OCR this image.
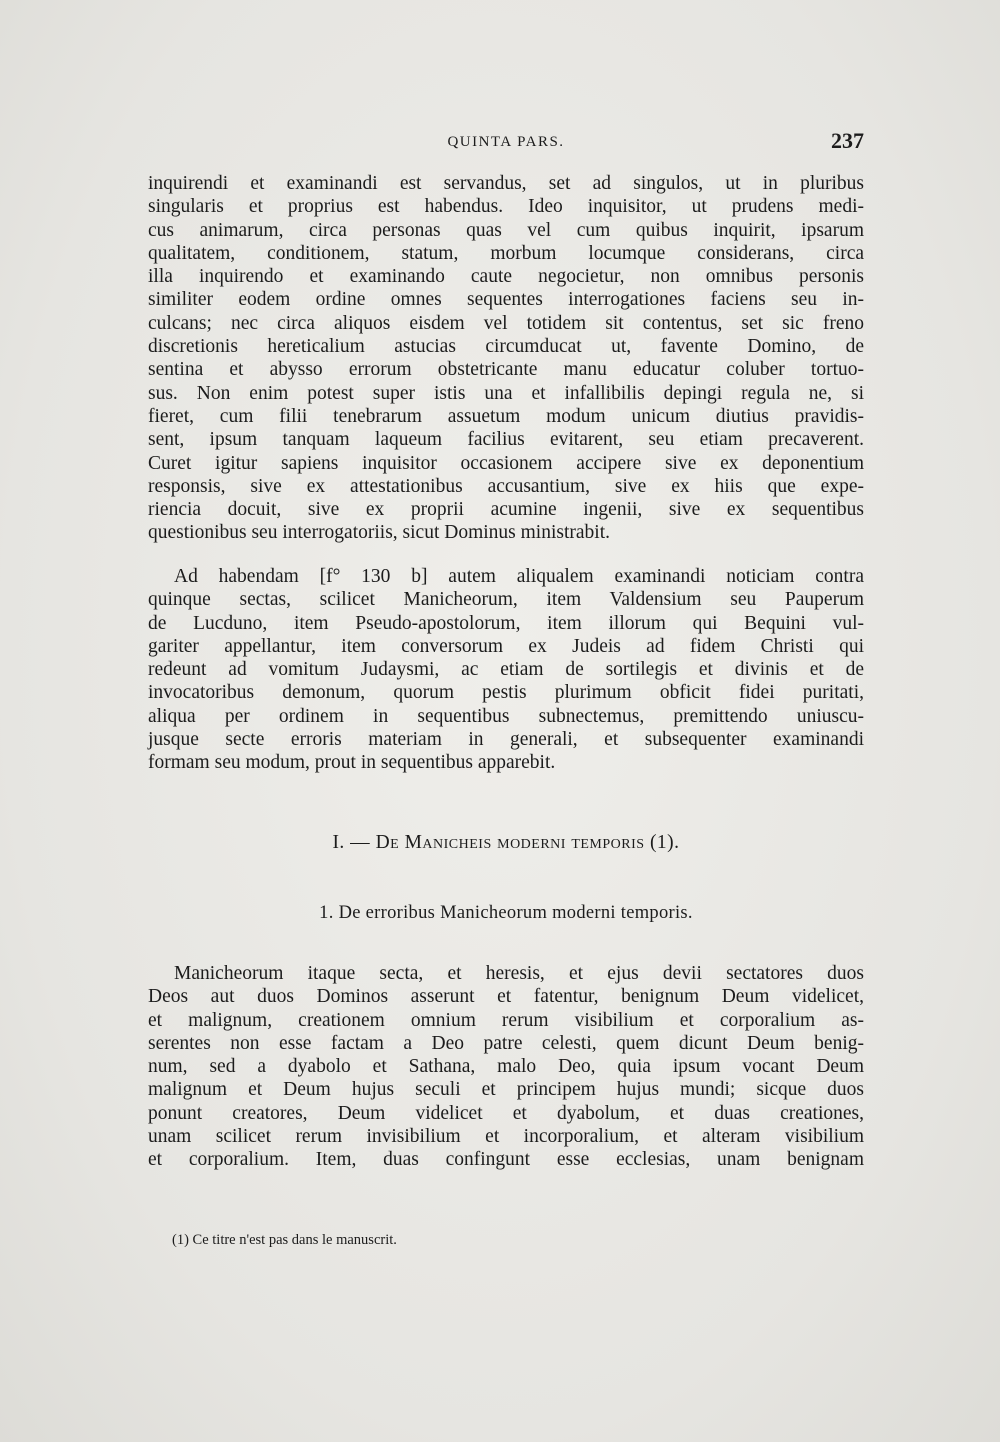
QUINTA PARS.	237
inquirendi et examinandi est servandus, set ad singulos, ut in pluribus
singularis et proprius est habendus. Ideo inquisitor, ut prudens medi-
cus animarum, circa personas quas vel cum quibus inquirit, ipsarum
qualitatem, conditionem, statum, morbum locumque considerans, circa
illa inquirendo et examinando caute negocietur, non omnibus personis
similiter eodem ordine omnes sequentes interrogationes faciens seu in-
culcans; nec circa aliquos eisdem vel totidem sit contentus, set sic freno
discretionis hereticalium astucias circumducat ut, favente Domino, de
sentina et abysso errorum obstetricante manu educatur coluber tortuo-
sus. Non enim potest super istis una et infallibilis depingi regula ne, si
fieret, cum filii tenebrarum assuetum modum unicum diutius pravidis-
sent, ipsum tanquam laqueum facilius evitarent, seu etiam precaverent.
Curet igitur sapiens inquisitor occasionem accipere sive ex deponentium
responsis, sive ex attestationibus accusantium, sive ex hiis que expe-
riencia docuit, sive ex proprii acumine ingenii, sive ex sequentibus
questionibus seu interrogatoriis, sicut Dominus ministrabit.
Ad habendam [f° 130 b] autem aliqualem examinandi noticiam contra
quinque sectas, scilicet Manicheorum, item Valdensium seu Pauperum
de Lucduno, item Pseudo-apostolorum, item illorum qui Bequini vul-
gariter appellantur, item conversorum ex Judeis ad fidem Christi qui
redeunt ad vomitum Judaysmi, ac etiam de sortilegis et divinis et de
invocatoribus demonum, quorum pestis plurimum obficit fidei puritati,
aliqua per ordinem in sequentibus subnectemus, premittendo uniuscu-
jusque secte erroris materiam in generali, et subsequenter examinandi
formam seu modum, prout in sequentibus apparebit.
I. — De Manicheis moderni temporis (1).
1. De erroribus Manicheorum moderni temporis.
Manicheorum itaque secta, et heresis, et ejus devii sectatores duos
Deos aut duos Dominos asserunt et fatentur, benignum Deum videlicet,
et malignum, creationem omnium rerum visibilium et corporalium as-
serentes non esse factam a Deo patre celesti, quem dicunt Deum benig-
num, sed a dyabolo et Sathana, malo Deo, quia ipsum vocant Deum
malignum et Deum hujus seculi et principem hujus mundi; sicque duos
ponunt creatores, Deum videlicet et dyabolum, et duas creationes,
unam scilicet rerum invisibilium et incorporalium, et alteram visibilium
et corporalium. Item, duas confingunt esse ecclesias, unam benignam
(1) Ce titre n'est pas dans le manuscrit.
